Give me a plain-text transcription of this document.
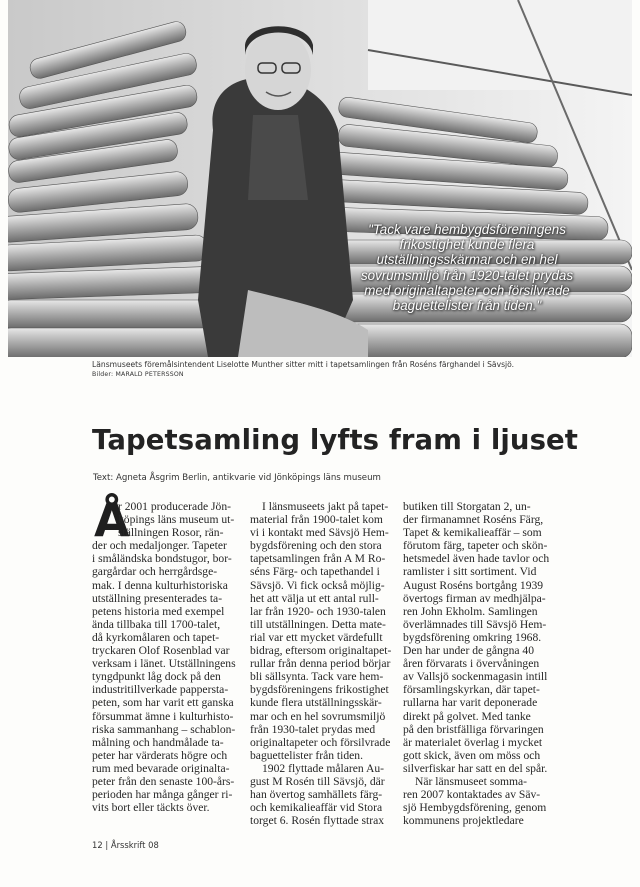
"Tack vare hembygdsföreningens
frikostighet kunde flera
utställningsskärmar och en hel
sovrumsmiljö från 1920-talet prydas
med originaltapeter och försilvrade
baguettelister från tiden."
Länsmuseets föremålsintendent Liselotte Munther sitter mitt i tapetsamlingen från Roséns färghandel i Sävsjö.
Bilder: MARALD PETERSSON
Tapetsamling lyfts fram i ljuset
Text: Agneta Åsgrim Berlin, antikvarie vid Jönköpings läns museum
Å
r 2001 producerade Jön-
köpings läns museum ut-
ställningen Rosor, rän-
der och medaljonger. Tapeter
i småländska bondstugor, bor-
gargårdar och herrgårdsge-
mak. I denna kulturhistoriska
utställning presenterades ta-
petens historia med exempel
ända tillbaka till 1700-talet,
då kyrkomålaren och tapet-
tryckaren Olof Rosenblad var
verksam i länet. Utställningens
tyngdpunkt låg dock på den
industritillverkade pappersta-
peten, som har varit ett ganska
försummat ämne i kulturhisto-
riska sammanhang – schablon-
målning och handmålade ta-
peter har värderats högre och
rum med bevarade originalta-
peter från den senaste 100-års-
perioden har många gånger ri-
vits bort eller täckts över.
I länsmuseets jakt på tapet-
material från 1900-talet kom
vi i kontakt med Sävsjö Hem-
bygdsförening och den stora
tapetsamlingen från A M Ro-
séns Färg- och tapethandel i
Sävsjö. Vi fick också möjlig-
het att välja ut ett antal rull-
lar från 1920- och 1930-talen
till utställningen. Detta mate-
rial var ett mycket värdefullt
bidrag, eftersom originaltapet-
rullar från denna period börjar
bli sällsynta. Tack vare hem-
bygdsföreningens frikostighet
kunde flera utställningsskär-
mar och en hel sovrumsmiljö
från 1930-talet prydas med
originaltapeter och försilvrade
baguettelister från tiden.
1902 flyttade målaren Au-
gust M Rosén till Sävsjö, där
han övertog samhällets färg-
och kemikalieaffär vid Stora
torget 6. Rosén flyttade strax
butiken till Storgatan 2, un-
der firmanamnet Roséns Färg,
Tapet & kemikalieaffär – som
förutom färg, tapeter och skön-
hetsmedel även hade tavlor och
ramlister i sitt sortiment. Vid
August Roséns bortgång 1939
övertogs firman av medhjälpa-
ren John Ekholm. Samlingen
överlämnades till Sävsjö Hem-
bygdsförening omkring 1968.
Den har under de gångna 40
åren förvarats i övervåningen
av Vallsjö sockenmagasin intill
församlingskyrkan, där tapet-
rullarna har varit deponerade
direkt på golvet. Med tanke
på den bristfälliga förvaringen
är materialet överlag i mycket
gott skick, även om möss och
silverfiskar har satt en del spår.
När länsmuseet somma-
ren 2007 kontaktades av Säv-
sjö Hembygdsförening, genom
kommunens projektledare
12 | Årsskrift 08
